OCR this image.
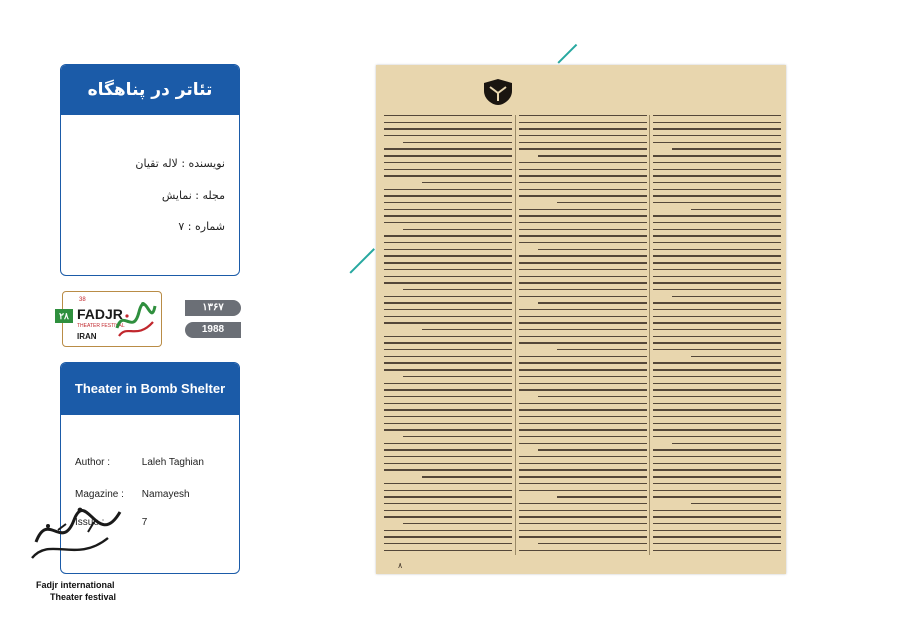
تئاتر در پناهگاه
نویسنده : لاله تقیان
مجله : نمایش
شماره : ۷
۲۸
38
FADJR
THEATER FESTIVAL
IRAN
۱۳۶۷
1988
Theater in Bomb Shelter
Author :	Laleh Taghian
Magazine : Namayesh
Issue :	7
Fadjr international
Theater festival
۸
